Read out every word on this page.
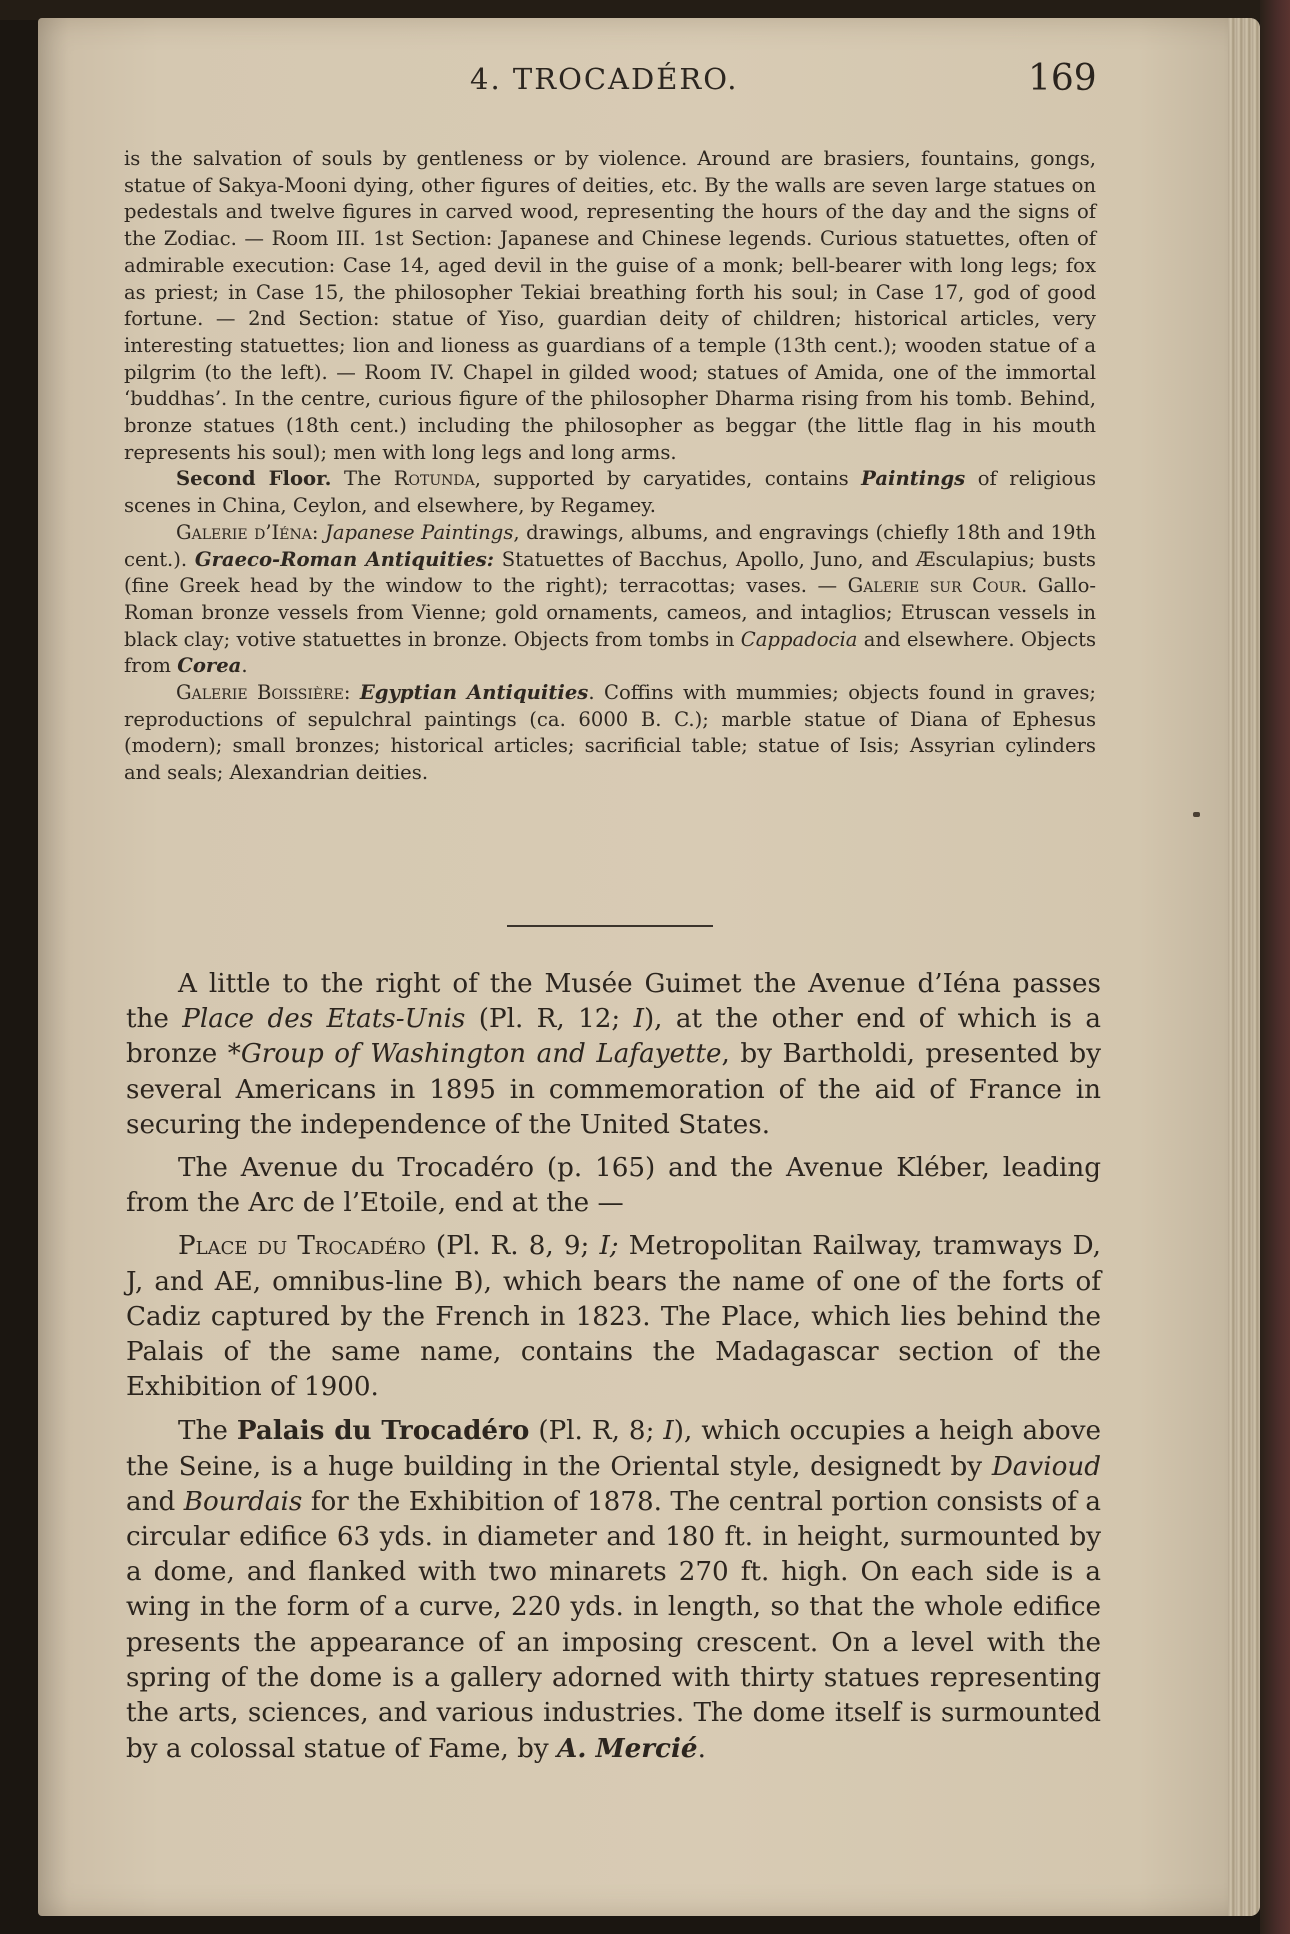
4. TROCADÉRO.	169

is the salvation of souls by gentleness or by violence. Around are brasiers, fountains, gongs, statue of Sakya-Mooni dying, other figures of deities, etc. By the walls are seven large statues on pedestals and twelve figures in carved wood, representing the hours of the day and the signs of the Zodiac. — Room III. 1st Section: Japanese and Chinese legends. Curious statuettes, often of admirable execution: Case 14, aged devil in the guise of a monk; bell-bearer with long legs; fox as priest; in Case 15, the philosopher Tekiai breathing forth his soul; in Case 17, god of good fortune. — 2nd Section: statue of Yiso, guardian deity of children; historical articles, very interesting statuettes; lion and lioness as guardians of a temple (13th cent.); wooden statue of a pilgrim (to the left). — Room IV. Chapel in gilded wood; statues of Amida, one of the immortal ‘buddhas’. In the centre, curious figure of the philosopher Dharma rising from his tomb. Behind, bronze statues (18th cent.) including the philosopher as beggar (the little flag in his mouth represents his soul); men with long legs and long arms.

Second Floor. The Rotunda, supported by caryatides, contains Paintings of religious scenes in China, Ceylon, and elsewhere, by Regamey.

Galerie d’Iéna: Japanese Paintings, drawings, albums, and engravings (chiefly 18th and 19th cent.). Graeco-Roman Antiquities: Statuettes of Bacchus, Apollo, Juno, and Æsculapius; busts (fine Greek head by the window to the right); terracottas; vases. — Galerie sur Cour. Gallo-Roman bronze vessels from Vienne; gold ornaments, cameos, and intaglios; Etruscan vessels in black clay; votive statuettes in bronze. Objects from tombs in Cappadocia and elsewhere. Objects from Corea.

Galerie Boissière: Egyptian Antiquities. Coffins with mummies; objects found in graves; reproductions of sepulchral paintings (ca. 6000 B. C.); marble statue of Diana of Ephesus (modern); small bronzes; historical articles; sacrificial table; statue of Isis; Assyrian cylinders and seals; Alexandrian deities.

A little to the right of the Musée Guimet the Avenue d’Iéna passes the Place des Etats-Unis (Pl. R, 12; I), at the other end of which is a bronze *Group of Washington and Lafayette, by Bartholdi, presented by several Americans in 1895 in commemoration of the aid of France in securing the independence of the United States.

The Avenue du Trocadéro (p. 165) and the Avenue Kléber, leading from the Arc de l’Etoile, end at the —

Place du Trocadéro (Pl. R. 8, 9; I; Metropolitan Railway, tramways D, J, and AE, omnibus-line B), which bears the name of one of the forts of Cadiz captured by the French in 1823. The Place, which lies behind the Palais of the same name, contains the Madagascar section of the Exhibition of 1900.

The Palais du Trocadéro (Pl. R, 8; I), which occupies a heigh above the Seine, is a huge building in the Oriental style, designedt by Davioud and Bourdais for the Exhibition of 1878. The central portion consists of a circular edifice 63 yds. in diameter and 180 ft. in height, surmounted by a dome, and flanked with two minarets 270 ft. high. On each side is a wing in the form of a curve, 220 yds. in length, so that the whole edifice presents the appearance of an imposing crescent. On a level with the spring of the dome is a gallery adorned with thirty statues representing the arts, sciences, and various industries. The dome itself is surmounted by a colossal statue of Fame, by A. Mercié.
